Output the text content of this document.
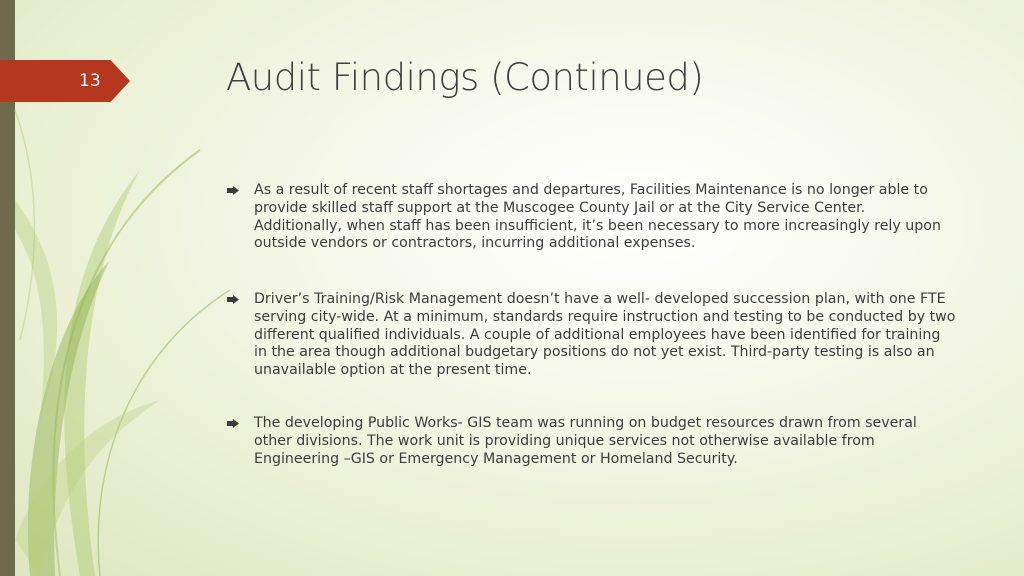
13	Audit Findings (Continued)
As a result of recent staff shortages and departures, Facilities Maintenance is no longer able to provide skilled staff support at the Muscogee County Jail or at the City Service Center. Additionally, when staff has been insufficient, it’s been necessary to more increasingly rely upon outside vendors or contractors, incurring additional expenses.
Driver’s Training/Risk Management doesn’t have a well- developed succession plan, with one FTE serving city-wide. At a minimum, standards require instruction and testing to be conducted by two different qualified individuals. A couple of additional employees have been identified for training in the area though additional budgetary positions do not yet exist. Third-party testing is also an unavailable option at the present time.
The developing Public Works- GIS team was running on budget resources drawn from several other divisions. The work unit is providing unique services not otherwise available from Engineering –GIS or Emergency Management or Homeland Security.
